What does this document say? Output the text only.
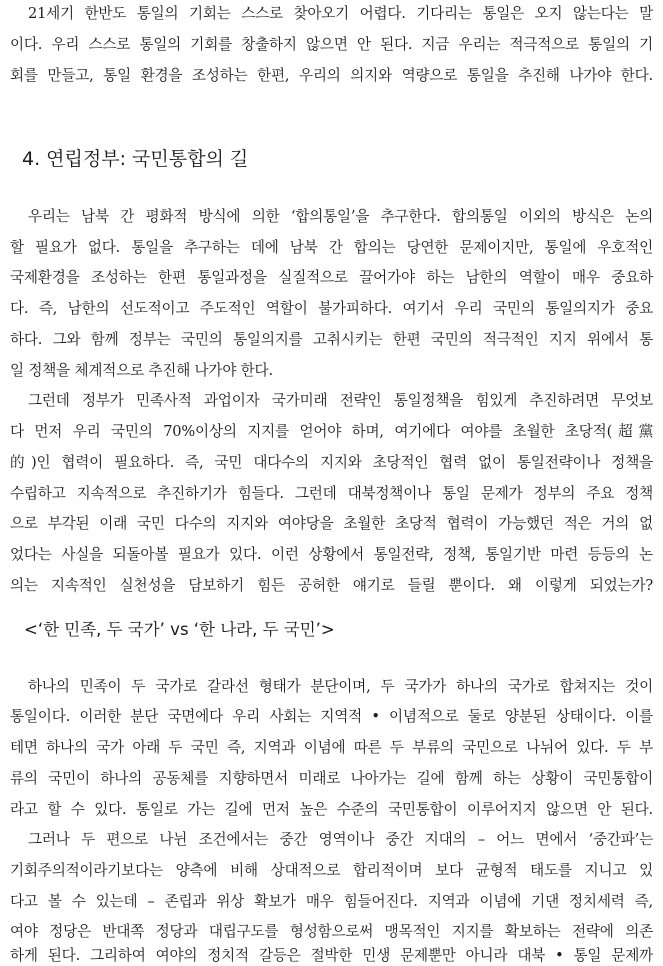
21세기 한반도 통일의 기회는 스스로 찾아오기 어렵다. 기다리는 통일은 오지 않는다는 말

이다. 우리 스스로 통일의 기회를 창출하지 않으면 안 된다. 지금 우리는 적극적으로 통일의 기

회를 만들고, 통일 환경을 조성하는 한편, 우리의 의지와 역량으로 통일을 추진해 나가야 한다.

4. 연립정부: 국민통합의 길

우리는 남북 간 평화적 방식에 의한 ‘합의통일’을 추구한다. 합의통일 이외의 방식은 논의

할 필요가 없다. 통일을 추구하는 데에 남북 간 합의는 당연한 문제이지만, 통일에 우호적인

국제환경을 조성하는 한편 통일과정을 실질적으로 끌어가야 하는 남한의 역할이 매우 중요하

다. 즉, 남한의 선도적이고 주도적인 역할이 불가피하다. 여기서 우리 국민의 통일의지가 중요

하다. 그와 함께 정부는 국민의 통일의지를 고취시키는 한편 국민의 적극적인 지지 위에서 통

일 정책을 체계적으로 추진해 나가야 한다.

그런데 정부가 민족사적 과업이자 국가미래 전략인 통일정책을 힘있게 추진하려면 무엇보

다 먼저 우리 국민의 70%이상의 지지를 얻어야 하며, 여기에다 여야를 초월한 초당적(超黨

的)인 협력이 필요하다. 즉, 국민 대다수의 지지와 초당적인 협력 없이 통일전략이나 정책을

수립하고 지속적으로 추진하기가 힘들다. 그런데 대북정책이나 통일 문제가 정부의 주요 정책

으로 부각된 이래 국민 다수의 지지와 여야당을 초월한 초당적 협력이 가능했던 적은 거의 없

었다는 사실을 되돌아볼 필요가 있다. 이런 상황에서 통일전략, 정책, 통일기반 마련 등등의 논

의는 지속적인 실천성을 담보하기 힘든 공허한 얘기로 들릴 뿐이다. 왜 이렇게 되었는가?

<‘한 민족, 두 국가’ vs ‘한 나라, 두 국민’>

하나의 민족이 두 국가로 갈라선 형태가 분단이며, 두 국가가 하나의 국가로 합쳐지는 것이

통일이다. 이러한 분단 국면에다 우리 사회는 지역적 • 이념적으로 둘로 양분된 상태이다. 이를

테면 하나의 국가 아래 두 국민 즉, 지역과 이념에 따른 두 부류의 국민으로 나뉘어 있다. 두 부

류의 국민이 하나의 공동체를 지향하면서 미래로 나아가는 길에 함께 하는 상황이 국민통합이

라고 할 수 있다. 통일로 가는 길에 먼저 높은 수준의 국민통합이 이루어지지 않으면 안 된다.

그러나 두 편으로 나뉜 조건에서는 중간 영역이나 중간 지대의 – 어느 면에서 ‘중간파’는

기회주의적이라기보다는 양측에 비해 상대적으로 합리적이며 보다 균형적 태도를 지니고 있

다고 볼 수 있는데 – 존립과 위상 확보가 매우 힘들어진다. 지역과 이념에 기댄 정치세력 즉,

여야 정당은 반대쪽 정당과 대립구도를 형성함으로써 맹목적인 지지를 확보하는 전략에 의존

하게 된다. 그리하여 여야의 정치적 갈등은 절박한 민생 문제뿐만 아니라 대북 • 통일 문제까
